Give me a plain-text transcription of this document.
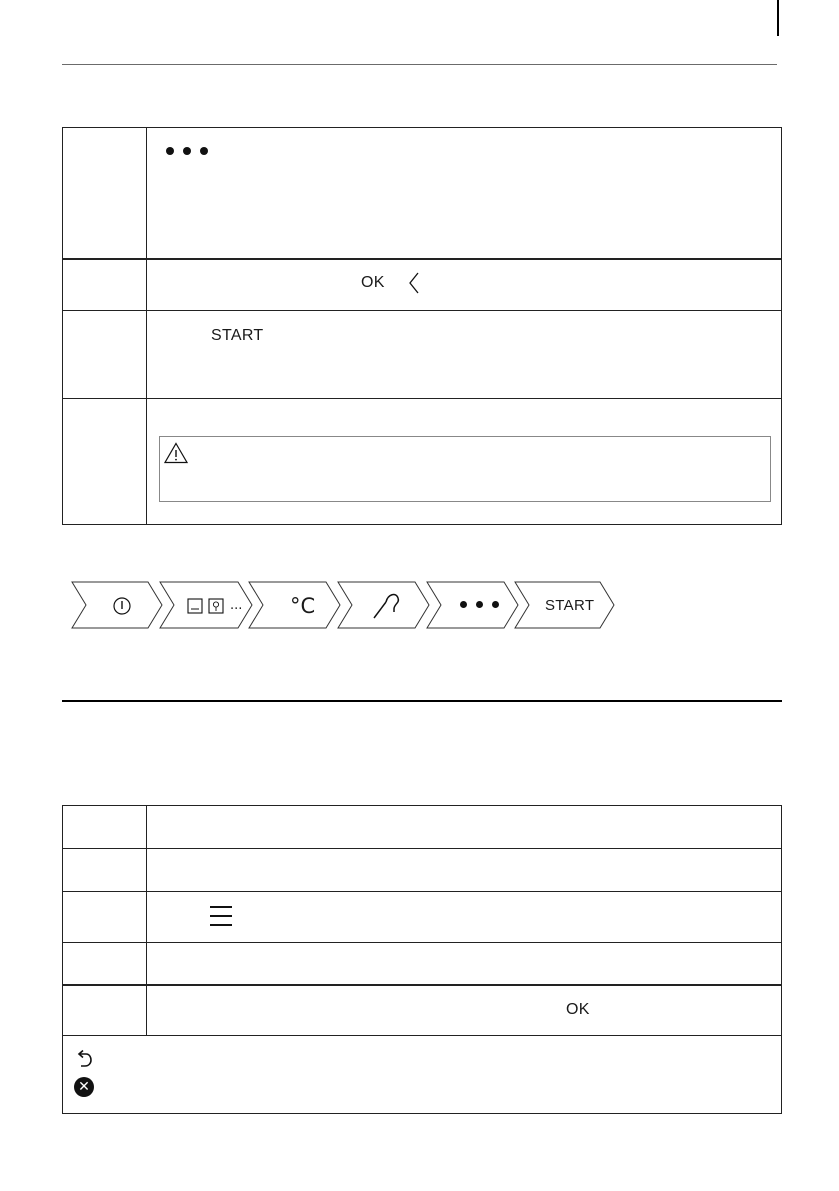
OK
START
... °C	START
OK
✕
